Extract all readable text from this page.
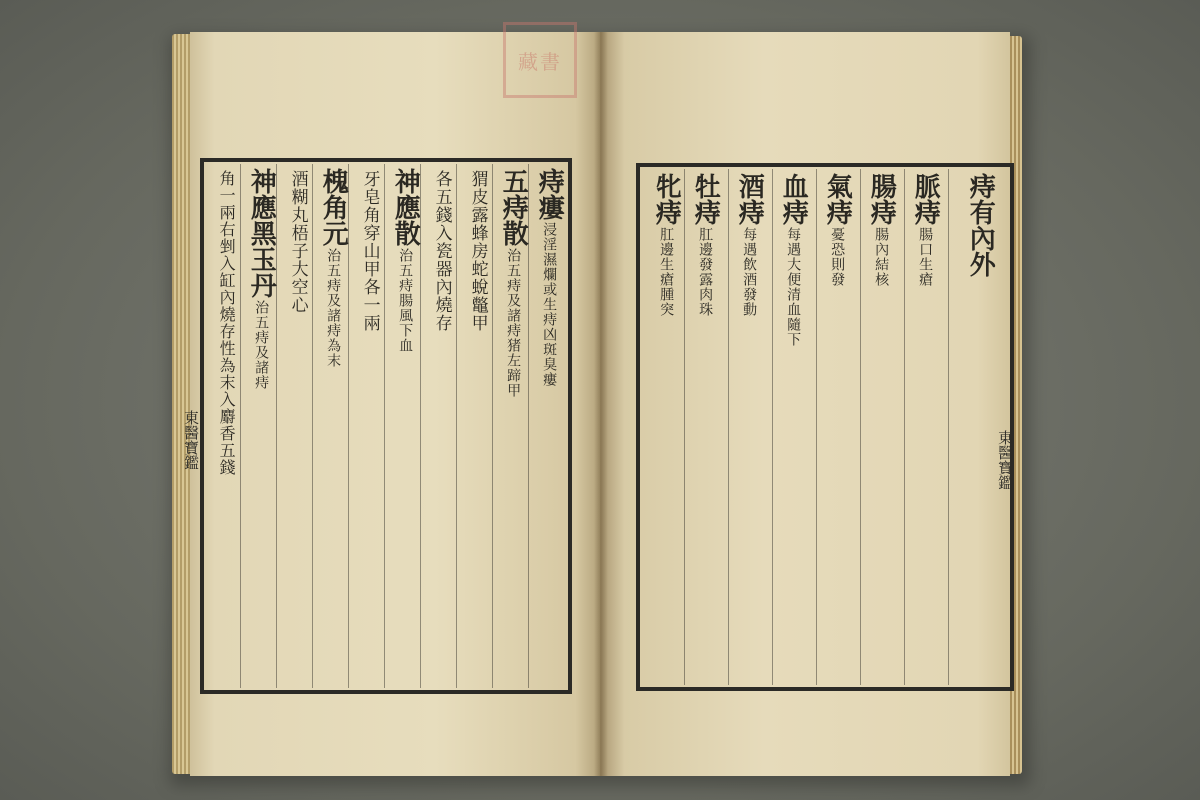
藏書
東醫寶鑑	東醫寶鑑
痔瘻
浸淫濕爛或生痔凶斑臭瘻
五痔散
治五痔及諸痔猪左蹄甲
猬皮露蜂房蛇蛻鼈甲
各五錢入瓷器內燒存
神應散
治五痔腸風下血
牙皂角穿山甲各一兩
槐角元
治五痔及諸痔為末
酒糊丸梧子大空心
神應黑玉丹
治五痔及諸痔
角一兩右剉入缸內燒存性為末入麝香五錢	痔有內外
脈痔
腸口生瘡
腸痔
腸內結核
氣痔
憂恐則發
血痔
每遇大便清血隨下
酒痔
每遇飲酒發動
牡痔
肛邊發露肉珠
牝痔
肛邊生瘡腫突
